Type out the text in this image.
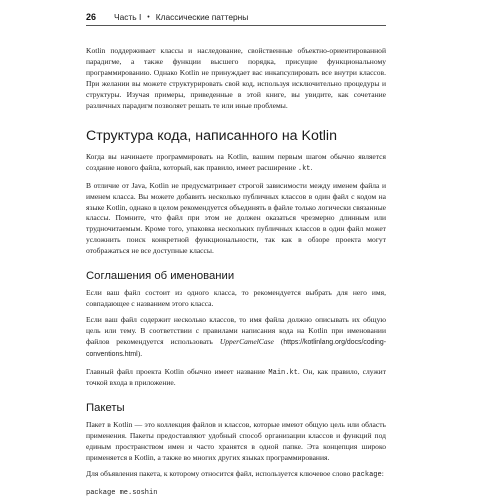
26 Часть I • Классические паттерны

Kotlin поддерживает классы и наследование, свойственные объектно-ориентированной парадигме, а также функции высшего порядка, присущие функциональному программированию. Однако Kotlin не принуждает вас инкапсулировать все внутри классов. При желании вы можете структурировать свой код, используя исключительно процедуры и структуры. Изучая примеры, приведенные в этой книге, вы увидите, как сочетание различных парадигм позволяет решать те или иные проблемы.

Структура кода, написанного на Kotlin

Когда вы начинаете программировать на Kotlin, вашим первым шагом обычно является создание нового файла, который, как правило, имеет расширение .kt.

В отличие от Java, Kotlin не предусматривает строгой зависимости между именем файла и именем класса. Вы можете добавить несколько публичных классов в один файл с кодом на языке Kotlin, однако в целом рекомендуется объединять в файле только логически связанные классы. Помните, что файл при этом не должен оказаться чрезмерно длинным или трудночитаемым. Кроме того, упаковка нескольких публичных классов в один файл может усложнить поиск конкретной функциональности, так как в обзоре проекта могут отображаться не все доступные классы.

Соглашения об именовании

Если ваш файл состоит из одного класса, то рекомендуется выбрать для него имя, совпадающее с названием этого класса.

Если ваш файл содержит несколько классов, то имя файла должно описывать их общую цель или тему. В соответствии с правилами написания кода на Kotlin при именовании файлов рекомендуется использовать UpperCamelCase (https://kotlinlang.org/docs/coding-conventions.html).

Главный файл проекта Kotlin обычно имеет название Main.kt. Он, как правило, служит точкой входа в приложение.

Пакеты

Пакет в Kotlin — это коллекция файлов и классов, которые имеют общую цель или область применения. Пакеты предоставляют удобный способ организации классов и функций под единым пространством имен и часто хранятся в одной папке. Эта концепция широко применяется в Kotlin, а также во многих других языках программирования.

Для объявления пакета, к которому относится файл, используется ключевое слово package:

package me.soshin
